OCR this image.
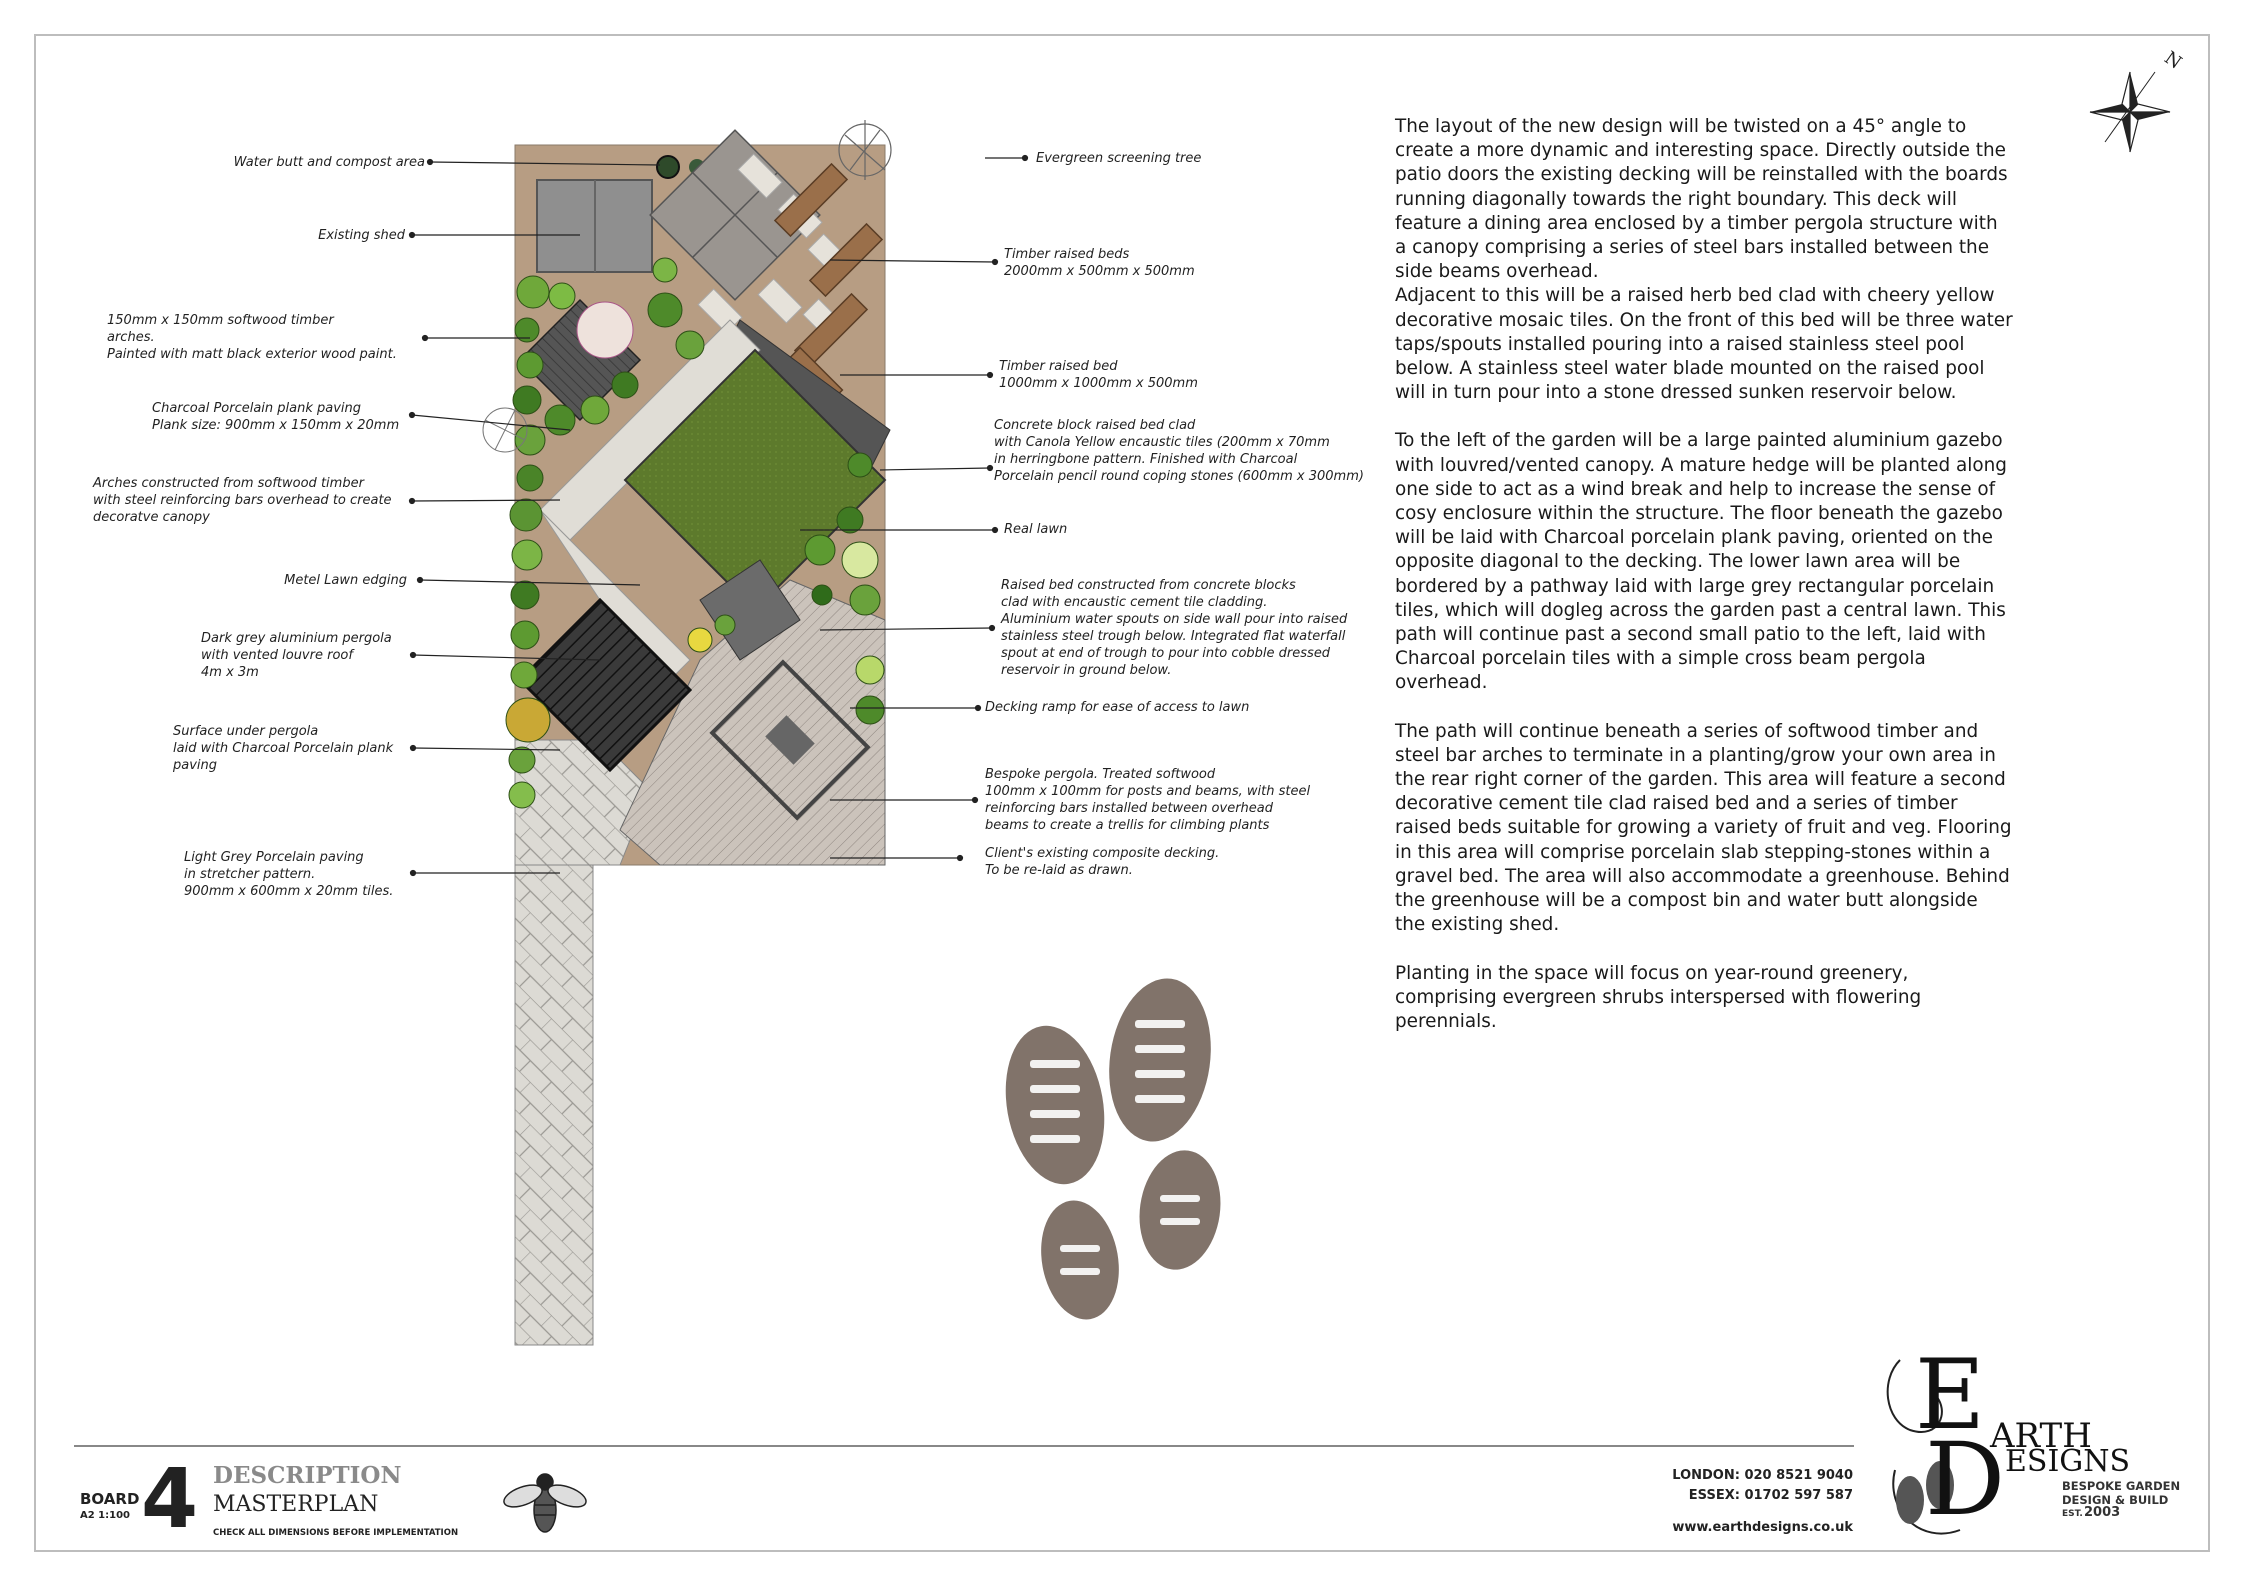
Water butt and compost area
Existing shed
150mm x 150mm softwood timber
arches.
Painted with matt black exterior wood paint.
Charcoal Porcelain plank paving
Plank size: 900mm x 150mm x 20mm
Arches constructed from softwood timber
with steel reinforcing bars overhead to create
decoratve canopy
Metel Lawn edging
Dark grey aluminium pergola
with vented louvre roof
4m x 3m
Surface under pergola
laid with Charcoal Porcelain plank
paving
Light Grey Porcelain paving
in stretcher pattern.
900mm x 600mm x 20mm tiles.
Evergreen screening tree
Timber raised beds
2000mm x 500mm x 500mm
Timber raised bed
1000mm x 1000mm x 500mm
Concrete block raised bed clad
with Canola Yellow encaustic tiles (200mm x 70mm
in herringbone pattern. Finished with Charcoal
Porcelain pencil round coping stones (600mm x 300mm)
Real lawn
Raised bed constructed from concrete blocks
clad with encaustic cement tile cladding.
Aluminium water spouts on side wall pour into raised
stainless steel trough below. Integrated flat waterfall
spout at end of trough to pour into cobble dressed
reservoir in ground below.
Decking ramp for ease of access to lawn
Bespoke pergola. Treated softwood
100mm x 100mm for posts and beams, with steel
reinforcing bars installed between overhead
beams to create a trellis for climbing plants
Client's existing composite decking.
To be re-laid as drawn.

The layout of the new design will be twisted on a 45° angle to
create a more dynamic and interesting space. Directly outside the
patio doors the existing decking will be reinstalled with the boards
running diagonally towards the right boundary. This deck will
feature a dining area enclosed by a timber pergola structure with
a canopy comprising a series of steel bars installed between the
side beams overhead.
Adjacent to this will be a raised herb bed clad with cheery yellow
decorative mosaic tiles. On the front of this bed will be three water
taps/spouts installed pouring into a raised stainless steel pool
below. A stainless steel water blade mounted on the raised pool
will in turn pour into a stone dressed sunken reservoir below.

To the left of the garden will be a large painted aluminium gazebo
with louvred/vented canopy. A mature hedge will be planted along
one side to act as a wind break and help to increase the sense of
cosy enclosure within the structure. The floor beneath the gazebo
will be laid with Charcoal porcelain plank paving, oriented on the
opposite diagonal to the decking. The lower lawn area will be
bordered by a pathway laid with large grey rectangular porcelain
tiles, which will dogleg across the garden past a central lawn. This
path will continue past a second small patio to the left, laid with
Charcoal porcelain tiles with a simple cross beam pergola
overhead.

The path will continue beneath a series of softwood timber and
steel bar arches to terminate in a planting/grow your own area in
the rear right corner of the garden. This area will feature a second
decorative cement tile clad raised bed and a series of timber
raised beds suitable for growing a variety of fruit and veg. Flooring
in this area will comprise porcelain slab stepping-stones within a
gravel bed. The area will also accommodate a greenhouse. Behind
the greenhouse will be a compost bin and water butt alongside
the existing shed.

Planting in the space will focus on year-round greenery,
comprising evergreen shrubs interspersed with flowering
perennials.

N
BOARD
A2 1:100 4 DESCRIPTION
MASTERPLAN
CHECK ALL DIMENSIONS BEFORE IMPLEMENTATION
LONDON: 020 8521 9040
ESSEX: 01702 597 587
www.earthdesigns.co.uk
E ARTH
D ESIGNS
BESPOKE GARDEN
DESIGN & BUILD
EST. 2003
